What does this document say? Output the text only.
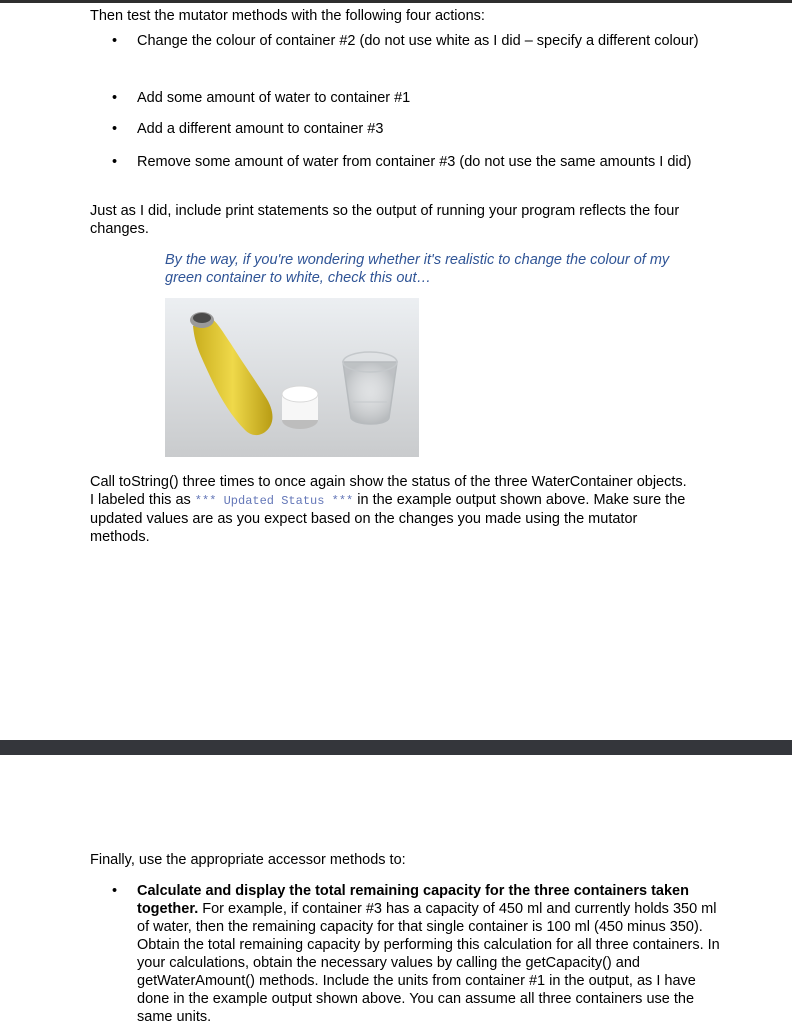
Then test the mutator methods with the following four actions:

• Change the colour of container #2 (do not use white as I did – specify a different colour)
• Add some amount of water to container #1
• Add a different amount to container #3
• Remove some amount of water from container #3 (do not use the same amounts I did)

Just as I did, include print statements so the output of running your program reflects the four changes.

By the way, if you're wondering whether it's realistic to change the colour of my green container to white, check this out…

Call toString() three times to once again show the status of the three WaterContainer objects. I labeled this as *** Updated Status *** in the example output shown above. Make sure the updated values are as you expect based on the changes you made using the mutator methods.

Finally, use the appropriate accessor methods to:

• Calculate and display the total remaining capacity for the three containers taken together. For example, if container #3 has a capacity of 450 ml and currently holds 350 ml of water, then the remaining capacity for that single container is 100 ml (450 minus 350). Obtain the total remaining capacity by performing this calculation for all three containers. In your calculations, obtain the necessary values by calling the getCapacity() and getWaterAmount() methods. Include the units from container #1 in the output, as I have done in the example output shown above. You can assume all three containers use the same units.
